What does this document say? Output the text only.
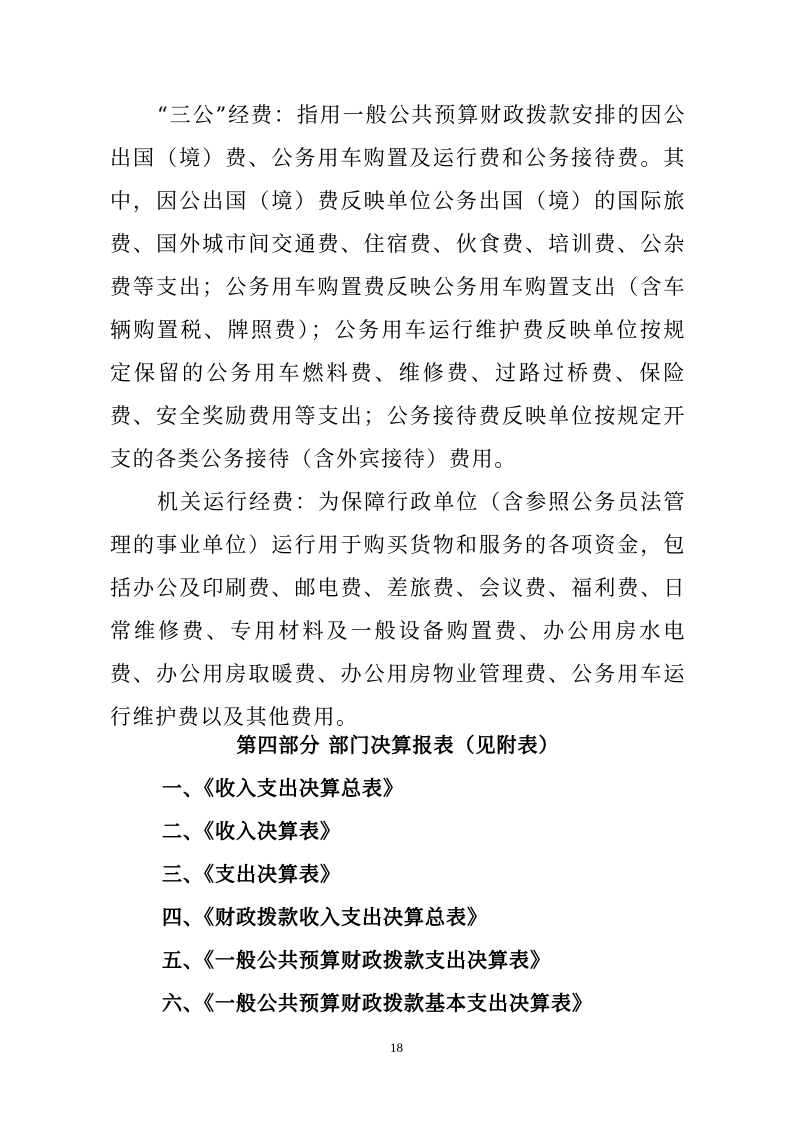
“三公”经费：指用一般公共预算财政拨款安排的因公出国（境）费、公务用车购置及运行费和公务接待费。其中，因公出国（境）费反映单位公务出国（境）的国际旅费、国外城市间交通费、住宿费、伙食费、培训费、公杂费等支出；公务用车购置费反映公务用车购置支出（含车辆购置税、牌照费）；公务用车运行维护费反映单位按规定保留的公务用车燃料费、维修费、过路过桥费、保险费、安全奖励费用等支出；公务接待费反映单位按规定开支的各类公务接待（含外宾接待）费用。

机关运行经费：为保障行政单位（含参照公务员法管理的事业单位）运行用于购买货物和服务的各项资金，包括办公及印刷费、邮电费、差旅费、会议费、福利费、日常维修费、专用材料及一般设备购置费、办公用房水电费、办公用房取暖费、办公用房物业管理费、公务用车运行维护费以及其他费用。

第四部分 部门决算报表（见附表）
一、《收入支出决算总表》
二、《收入决算表》
三、《支出决算表》
四、《财政拨款收入支出决算总表》
五、《一般公共预算财政拨款支出决算表》
六、《一般公共预算财政拨款基本支出决算表》
18
